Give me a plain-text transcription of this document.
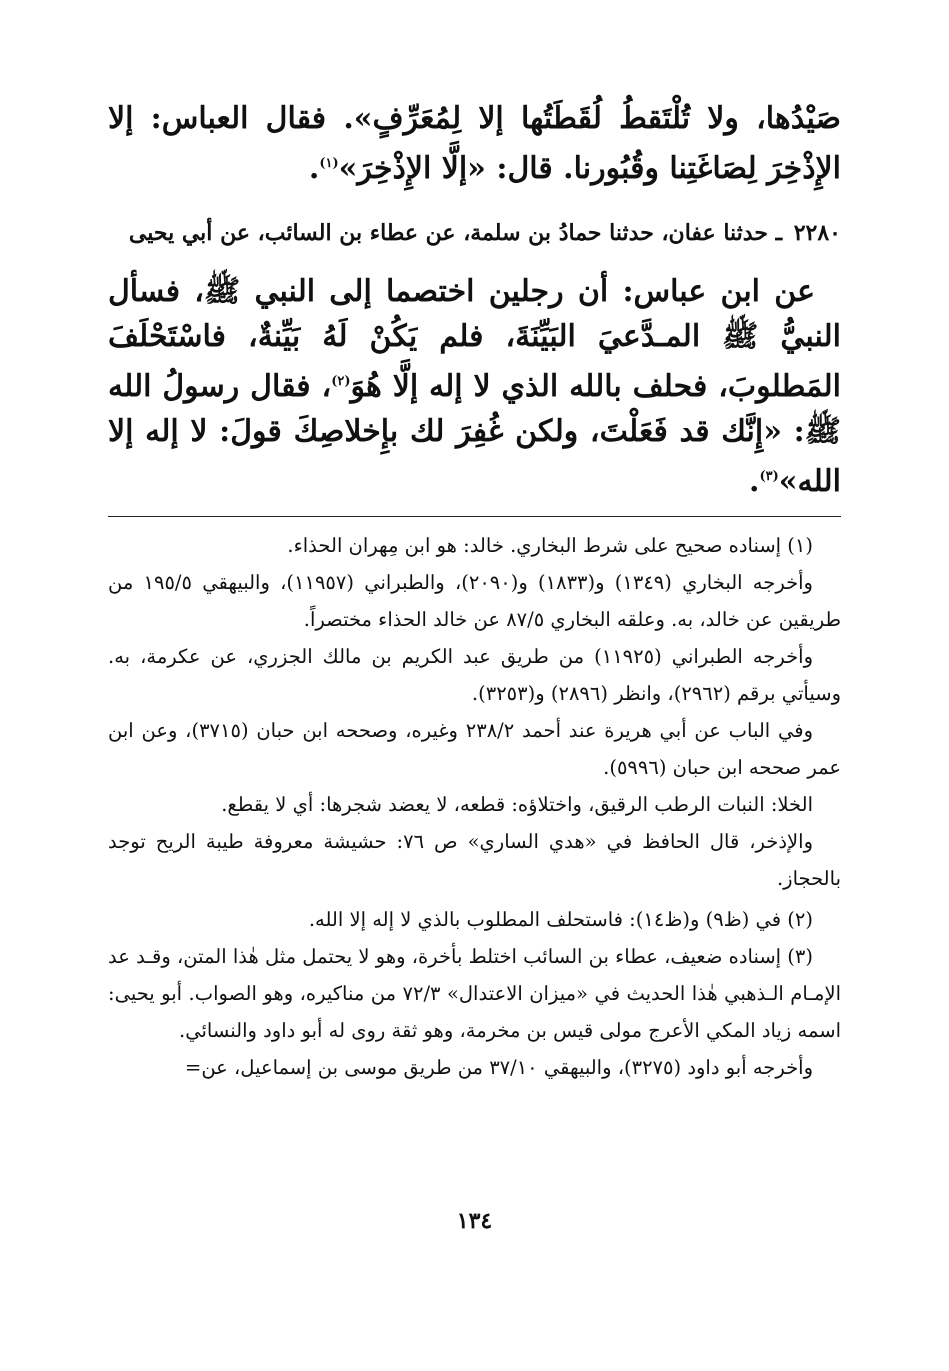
صَيْدُها، ولا تُلْتَقطُ لُقَطَتُها إلا لِمُعَرِّفٍ». فقال العباس: إلا الإِذْخِرَ لِصَاغَتِنا وقُبُورنا. قال: «إلَّا الإِذْخِرَ»$^{(١)}$.

٢٢٨٠ ـ حدثنا عفان، حدثنا حمادُ بن سلمة، عن عطاء بن السائب، عن أبي يحيى

عن ابن عباس: أن رجلين اختصما إلى النبي ﷺ، فسأل النبيُّ ﷺ المـدَّعيَ البَيِّنَةَ، فلم يَكُنْ لَهُ بَيِّنةٌ، فاسْتَحْلَفَ المَطلوبَ، فحلف بالله الذي لا إله إلَّا هُوَ$^{(٢)}$، فقال رسولُ الله ﷺ: «إِنَّك قد فَعَلْتَ، ولكن غُفِرَ لك بإِخلاصِكَ قولَ: لا إله إلا الله»$^{(٣)}$.

(١) إسناده صحيح على شرط البخاري. خالد: هو ابن مِهران الحذاء.

وأخرجه البخاري (١٣٤٩) و(١٨٣٣) و(٢٠٩٠)، والطبراني (١١٩٥٧)، والبيهقي ١٩٥/٥ من طريقين عن خالد، به. وعلقه البخاري ٨٧/٥ عن خالد الحذاء مختصراً.

وأخرجه الطبراني (١١٩٢٥) من طريق عبد الكريم بن مالك الجزري، عن عكرمة، به. وسيأتي برقم (٢٩٦٢)، وانظر (٢٨٩٦) و(٣٢٥٣).

وفي الباب عن أبي هريرة عند أحمد ٢٣٨/٢ وغيره، وصححه ابن حبان (٣٧١٥)، وعن ابن عمر صححه ابن حبان (٥٩٩٦).

الخلا: النبات الرطب الرقيق، واختلاؤه: قطعه، لا يعضد شجرها: أي لا يقطع.

والإذخر، قال الحافظ في «هدي الساري» ص ٧٦: حشيشة معروفة طيبة الريح توجد بالحجاز.

(٢) في (ظ٩) و(ظ١٤): فاستحلف المطلوب بالذي لا إله إلا الله.

(٣) إسناده ضعيف، عطاء بن السائب اختلط بأخرة، وهو لا يحتمل مثل هٰذا المتن، وقـد عد الإمـام الـذهبي هٰذا الحديث في «ميزان الاعتدال» ٧٢/٣ من مناكيره، وهو الصواب. أبو يحيى: اسمه زياد المكي الأعرج مولى قيس بن مخرمة، وهو ثقة روى له أبو داود والنسائي.

وأخرجه أبو داود (٣٢٧٥)، والبيهقي ٣٧/١٠ من طريق موسى بن إسماعيل، عن=

١٣٤
